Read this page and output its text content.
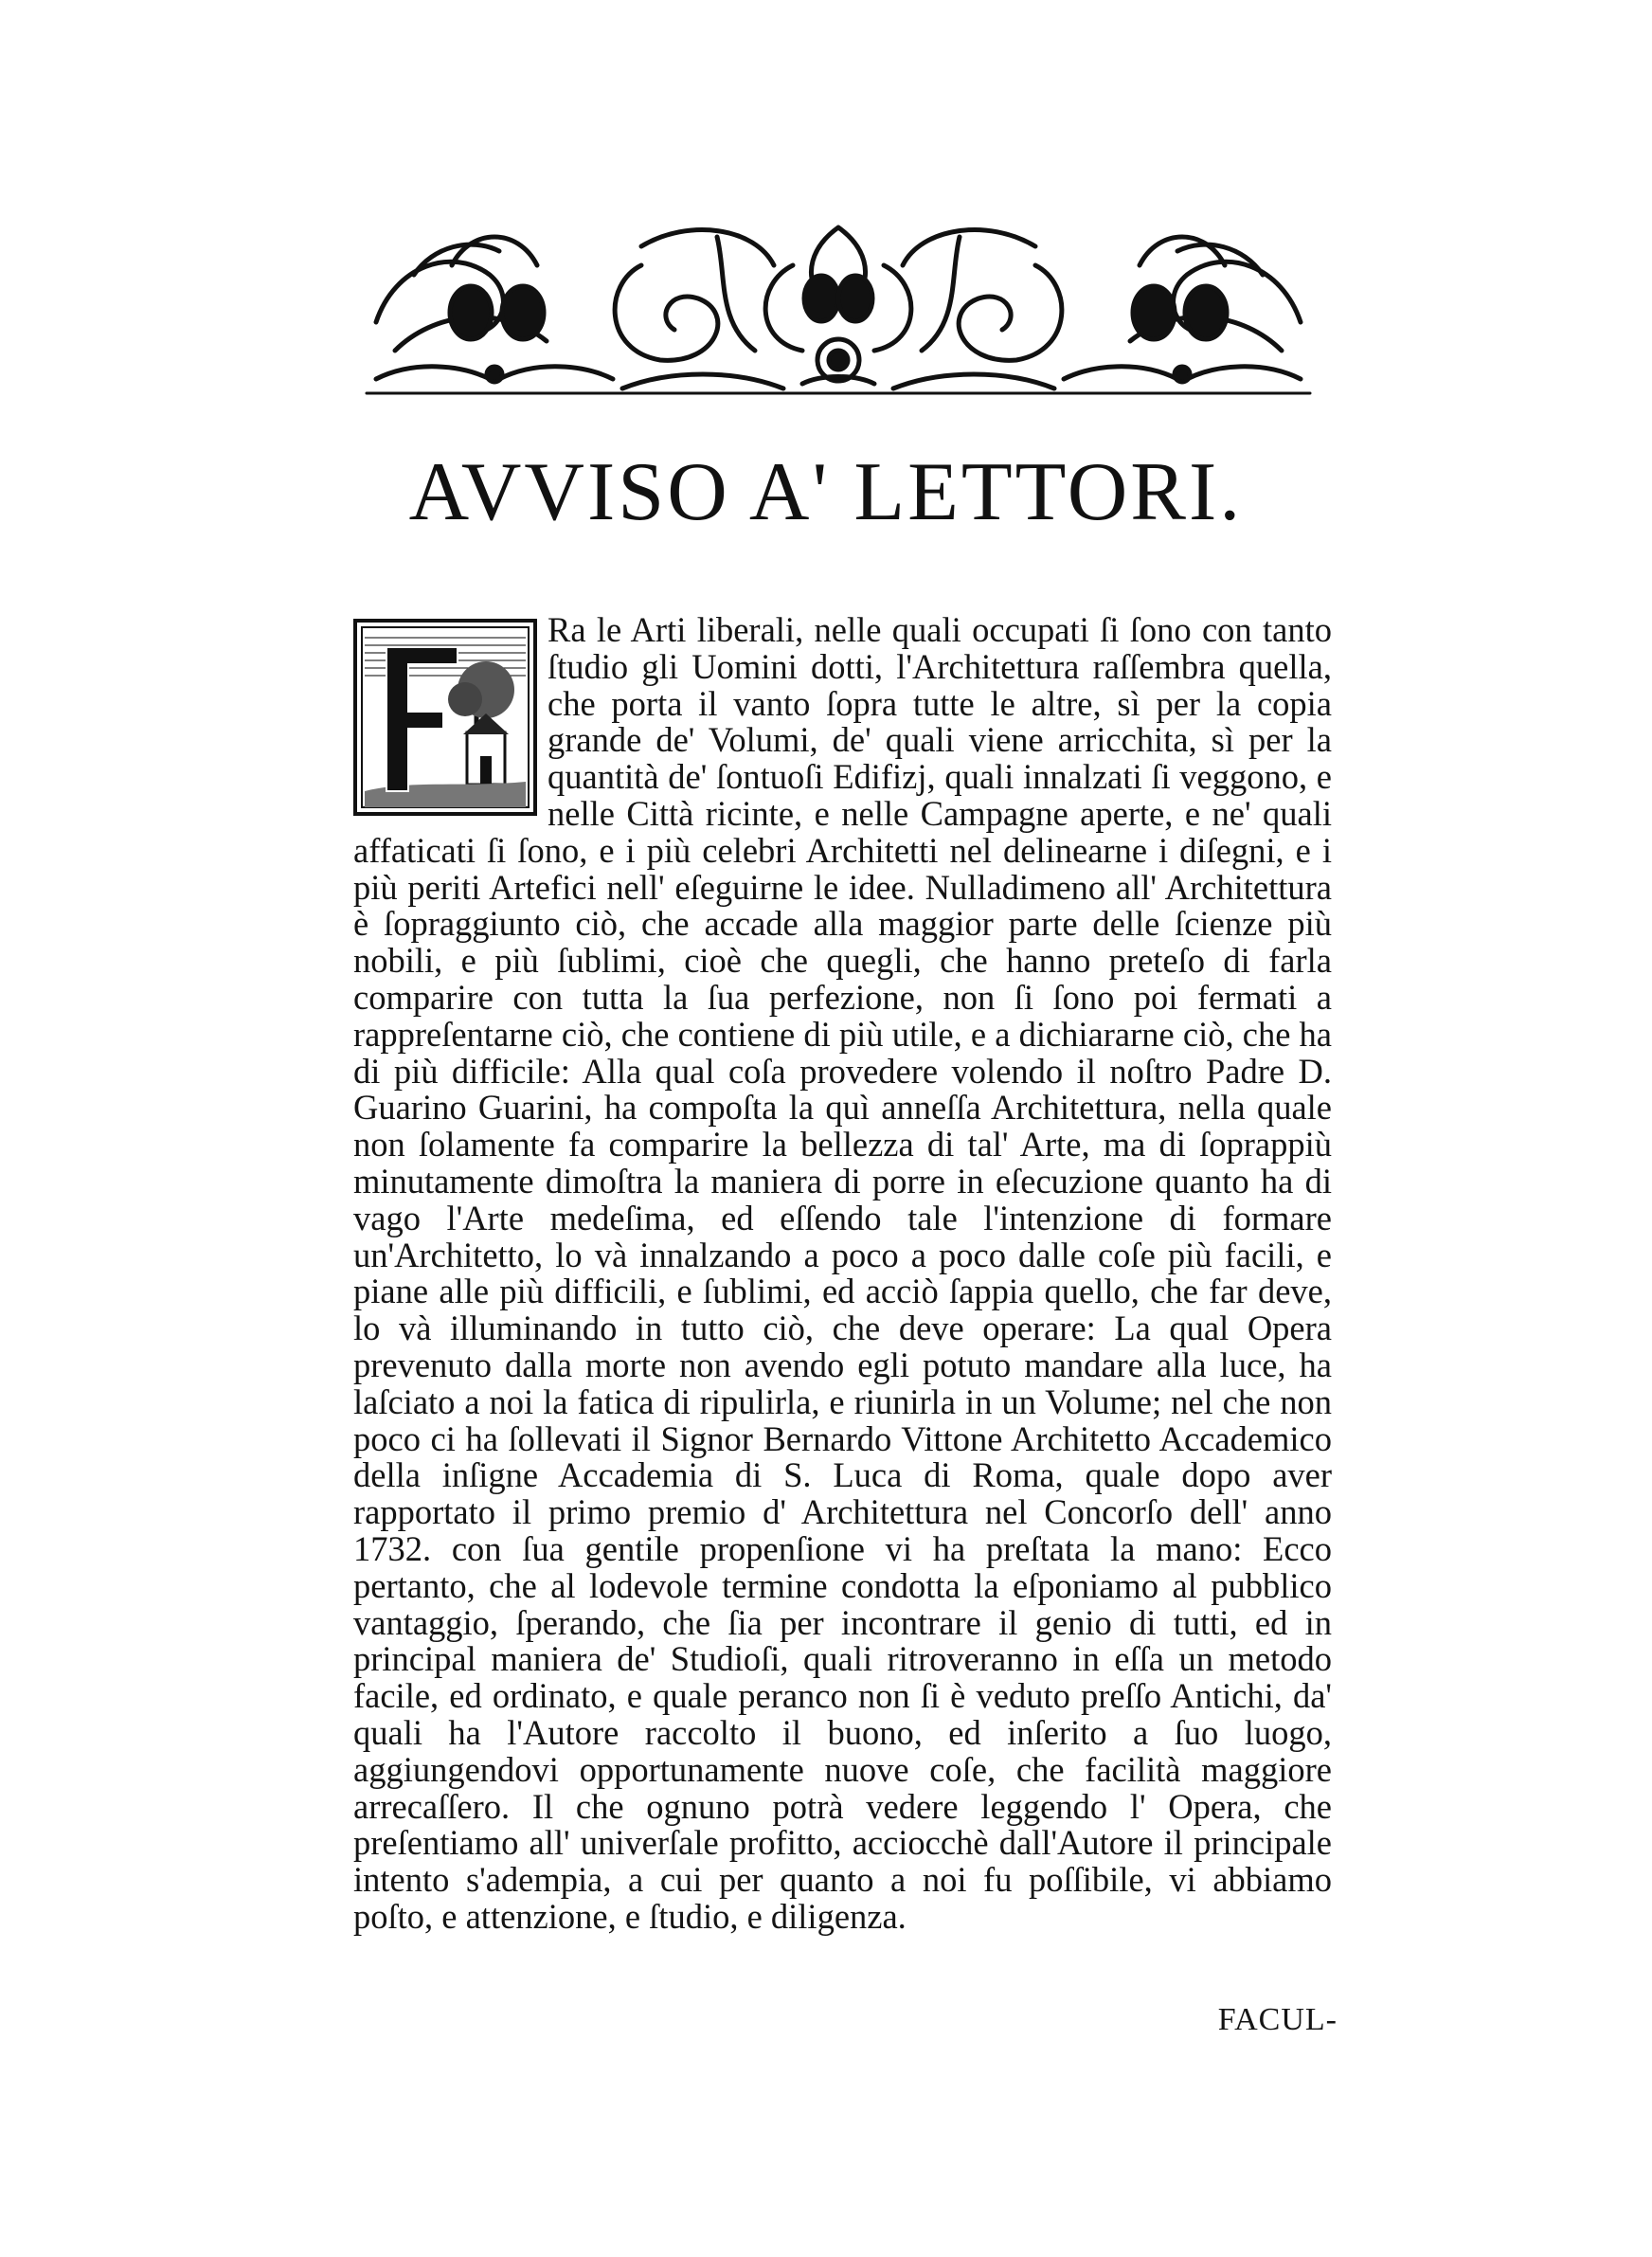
AVVISO A' LETTORI.

Ra le Arti liberali, nelle quali occupati ſi ſono con tanto ſtudio gli Uomini dotti, l'Architettura raſſembra quella, che porta il vanto ſopra tutte le altre, sì per la copia grande de' Volumi, de' quali viene arricchita, sì per la quantità de' ſontuoſi Edifizj, quali innalzati ſi veggono, e nelle Città ricinte, e nelle Campagne aperte, e ne' quali affaticati ſi ſono, e i più celebri Architetti nel delinearne i diſegni, e i più periti Artefici nell' eſeguirne le idee. Nulladimeno all' Architettura è ſopraggiunto ciò, che accade alla maggior parte delle ſcienze più nobili, e più ſublimi, cioè che quegli, che hanno preteſo di farla comparire con tutta la ſua perfezione, non ſi ſono poi fermati a rappreſentarne ciò, che contiene di più utile, e a dichiararne ciò, che ha di più difficile: Alla qual coſa provedere volendo il noſtro Padre D. Guarino Guarini, ha compoſta la quì anneſſa Architettura, nella quale non ſolamente fa comparire la bellezza di tal' Arte, ma di ſoprappiù minutamente dimoſtra la maniera di porre in eſecuzione quanto ha di vago l'Arte medeſima, ed eſſendo tale l'intenzione di formare un'Architetto, lo và innalzando a poco a poco dalle coſe più facili, e piane alle più difficili, e ſublimi, ed acciò ſappia quello, che far deve, lo và illuminando in tutto ciò, che deve operare: La qual Opera prevenuto dalla morte non avendo egli potuto mandare alla luce, ha laſciato a noi la fatica di ripulirla, e riunirla in un Volume; nel che non poco ci ha ſollevati il Signor Bernardo Vittone Architetto Accademico della inſigne Accademia di S. Luca di Roma, quale dopo aver rapportato il primo premio d' Architettura nel Concorſo dell' anno 1732. con ſua gentile propenſione vi ha preſtata la mano: Ecco pertanto, che al lodevole termine condotta la eſponiamo al pubblico vantaggio, ſperando, che ſia per incontrare il genio di tutti, ed in principal maniera de' Studioſi, quali ritroveranno in eſſa un metodo facile, ed ordinato, e quale peranco non ſi è veduto preſſo Antichi, da' quali ha l'Autore raccolto il buono, ed inſerito a ſuo luogo, aggiungendovi opportunamente nuove coſe, che facilità maggiore arrecaſſero. Il che ognuno potrà vedere leggendo l' Opera, che preſentiamo all' univerſale profitto, acciocchè dall'Autore il principale intento s'adempia, a cui per quanto a noi fu poſſibile, vi abbiamo poſto, e attenzione, e ſtudio, e diligenza.

FACUL-
